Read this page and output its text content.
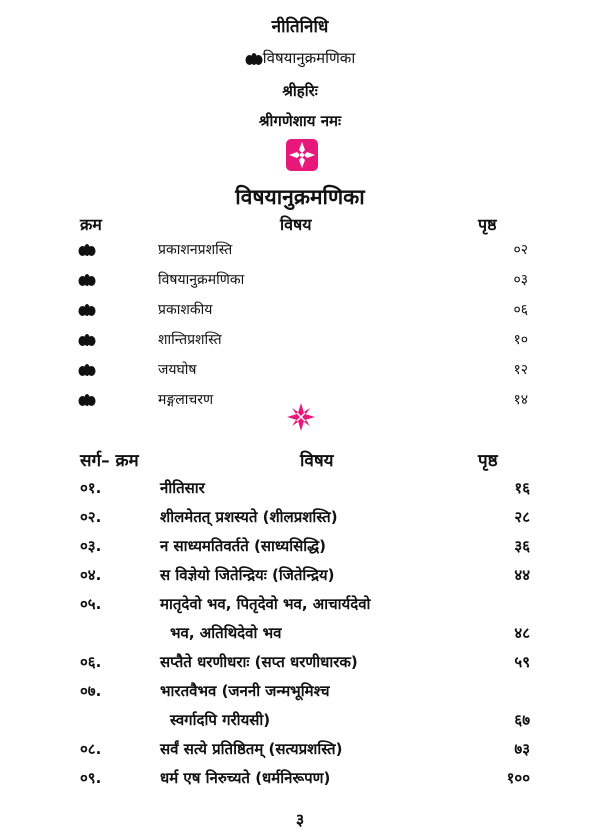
नीतिनिधि
विषयानुक्रमणिका
श्रीहरिः
श्रीगणेशाय नमः
विषयानुक्रमणिका
क्रम	विषय	पृष्ठ
प्रकाशनप्रशस्ति	०२
विषयानुक्रमणिका	०३
प्रकाशकीय	०६
शान्तिप्रशस्ति	१०
जयघोष	१२
मङ्गलाचरण	१४
सर्ग– क्रम	विषय	पृष्ठ
०१.	नीतिसार	१६
०२.	शीलमेतत् प्रशस्यते (शीलप्रशस्ति)	२८
०३.	न साध्यमतिवर्तते (साध्यसिद्धि)	३६
०४.	स विज्ञेयो जितेन्द्रियः (जितेन्द्रिय)	४४
०५.	मातृदेवो भव, पितृदेवो भव, आचार्यदेवो
भव, अतिथिदेवो भव	४८
०६.	सप्तैते धरणीधराः (सप्त धरणीधारक)	५९
०७.	भारतवैभव (जननी जन्मभूमिश्च
स्वर्गादपि गरीयसी)	६७
०८.	सर्वं सत्ये प्रतिष्ठितम् (सत्यप्रशस्ति)	७३
०९.	धर्म एष निरुच्यते (धर्मनिरूपण)	१००
३
